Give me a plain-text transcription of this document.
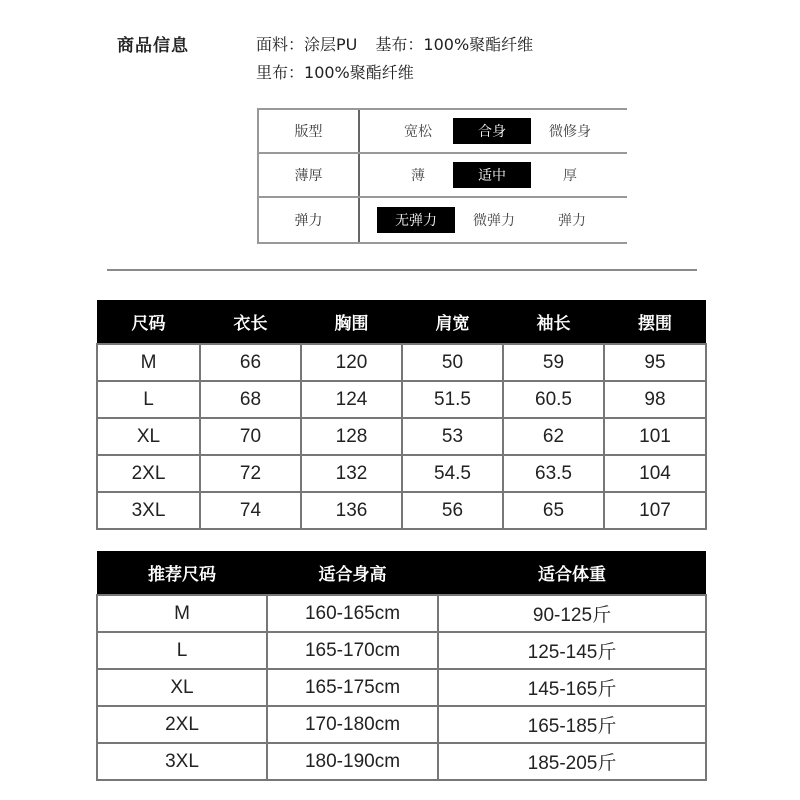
商品信息	面料：涂层PU 基布：100%聚酯纤维
里布：100%聚酯纤维
版型	宽松	合身	微修身
薄厚	薄	适中	厚
弹力	无弹力	微弹力	弹力
尺码	衣长	胸围	肩宽	袖长	摆围
M	66	120	50	59	95
L	68	124	51.5	60.5	98
XL	70	128	53	62	101
2XL	72	132	54.5	63.5	104
3XL	74	136	56	65	107
推荐尺码	适合身高	适合体重
M	160-165cm	90-125斤
L	165-170cm	125-145斤
XL	165-175cm	145-165斤
2XL	170-180cm	165-185斤
3XL	180-190cm	185-205斤
